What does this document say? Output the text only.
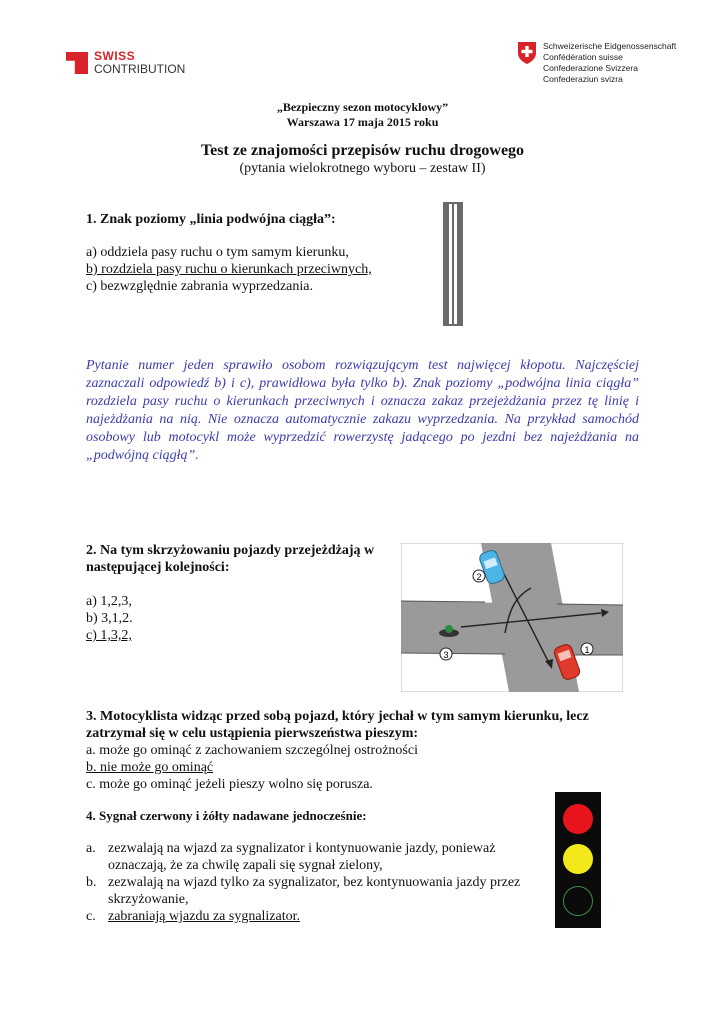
SWISS
CONTRIBUTION
Schweizerische Eidgenossenschaft
Confédération suisse
Confederazione Svizzera
Confederaziun svizra
„Bezpieczny sezon motocyklowy”
Warszawa 17 maja 2015 roku
Test ze znajomości przepisów ruchu drogowego
(pytania wielokrotnego wyboru – zestaw II)
1. Znak poziomy „linia podwójna ciągła”:
a) oddziela pasy ruchu o tym samym kierunku,
b) rozdziela pasy ruchu o kierunkach przeciwnych,
c) bezwzględnie zabrania wyprzedzania.
Pytanie numer jeden sprawiło osobom rozwiązującym test najwięcej kłopotu. Najczęściej zaznaczali odpowiedź b) i c), prawidłowa była tylko b). Znak poziomy „podwójna linia ciągła” rozdziela pasy ruchu o kierunkach przeciwnych i oznacza zakaz przejeżdżania przez tę linię i najeżdżania na nią. Nie oznacza automatycznie zakazu wyprzedzania. Na przykład samochód osobowy lub motocykl może wyprzedzić rowerzystę jadącego po jezdni bez najeżdżania na „podwójną ciągłą”.
2. Na tym skrzyżowaniu pojazdy przejeżdżają w
następującej kolejności:
a) 1,2,3,
b) 3,1,2.
c) 1,3,2,
2
1
3
3. Motocyklista widząc przed sobą pojazd, który jechał w tym samym kierunku, lecz
zatrzymał się w celu ustąpienia pierwszeństwa pieszym:
a. może go ominąć z zachowaniem szczególnej ostrożności
b. nie może go ominąć
c. może go ominąć jeżeli pieszy wolno się porusza.
4. Sygnał czerwony i żółty nadawane jednocześnie:
a. zezwalają na wjazd za sygnalizator i kontynuowanie jazdy, ponieważ
oznaczają, że za chwilę zapali się sygnał zielony,
b. zezwalają na wjazd tylko za sygnalizator, bez kontynuowania jazdy przez
skrzyżowanie,
c. zabraniają wjazdu za sygnalizator.
